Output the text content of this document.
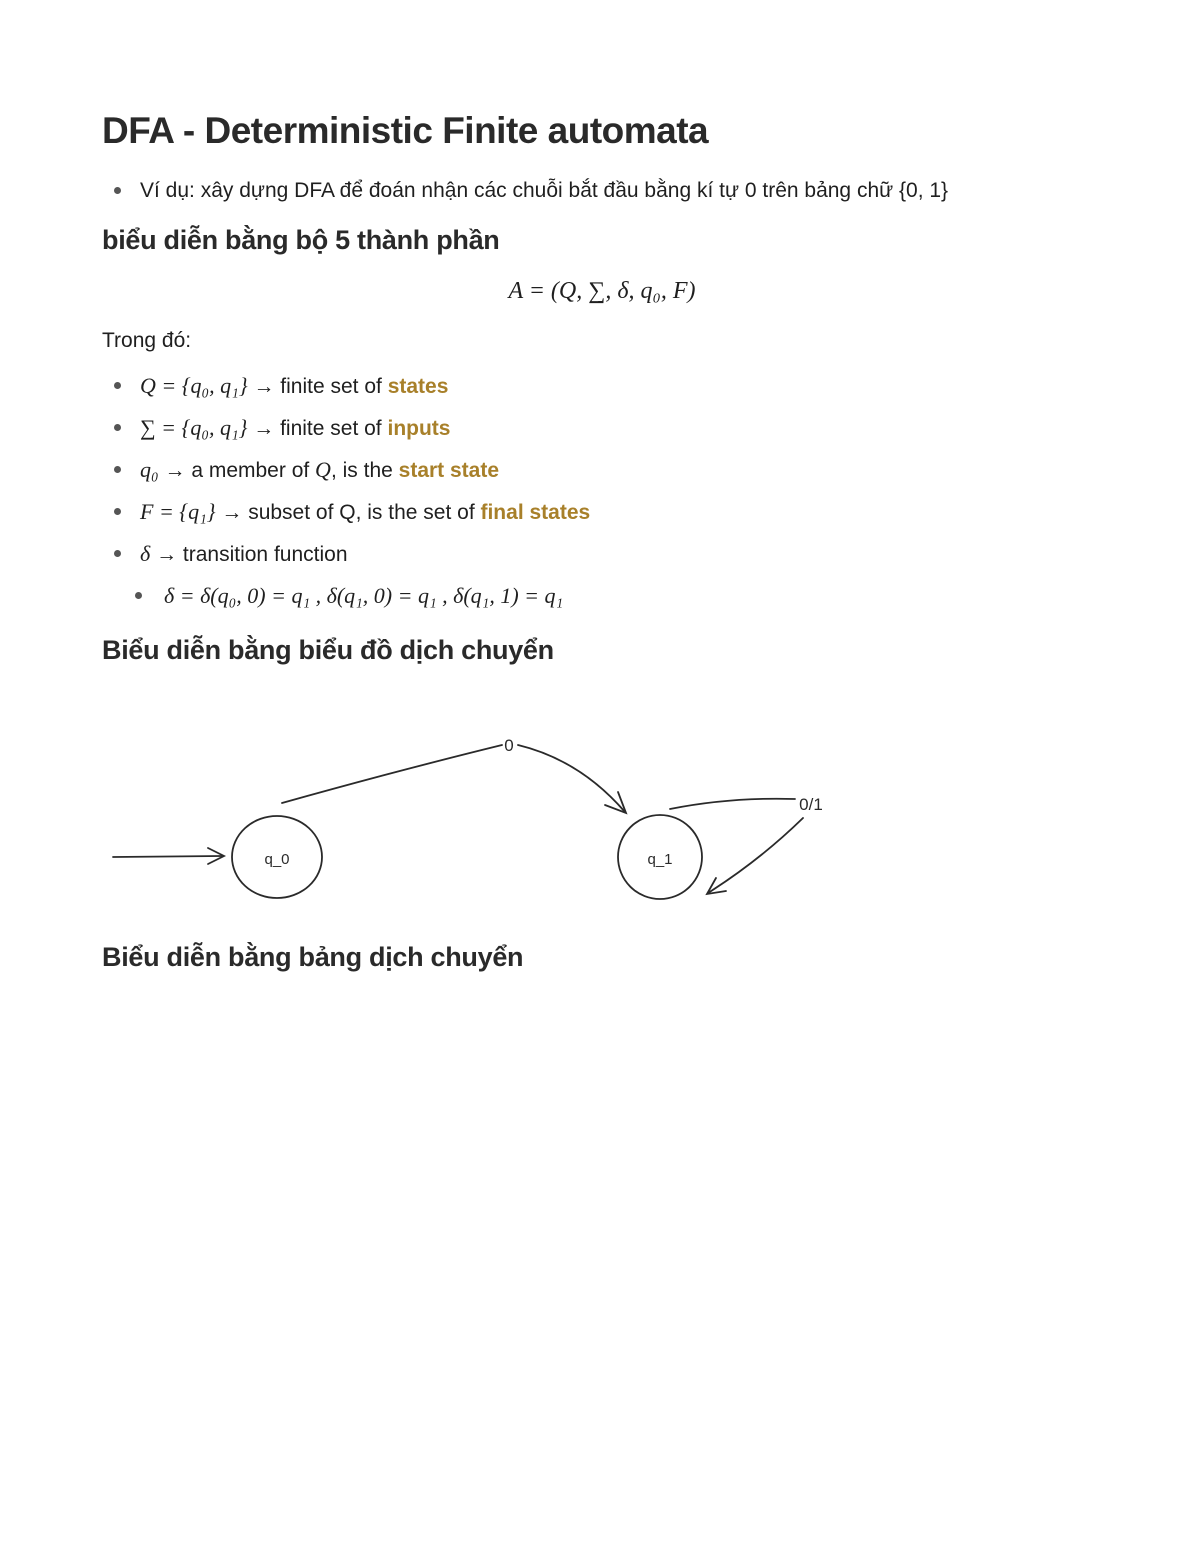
DFA - Deterministic Finite automata
Ví dụ: xây dựng DFA để đoán nhận các chuỗi bắt đầu bằng kí tự 0 trên bảng chữ {0, 1}
biểu diễn bằng bộ 5 thành phần
A = (Q, ∑, δ, q₀, F)

Trong đó:

Q = {q₀, q₁} → finite set of states
∑ = {q₀, q₁} → finite set of inputs
q₀ → a member of Q, is the start state
F = {q₁} → subset of Q, is the set of final states
δ → transition function
δ = δ(q₀, 0) = q₁ , δ(q₁, 0) = q₁ , δ(q₁, 1) = q₁
Biểu diễn bằng biểu đồ dịch chuyển
q_0	q_1
0
0/1
Biểu diễn bằng bảng dịch chuyển
